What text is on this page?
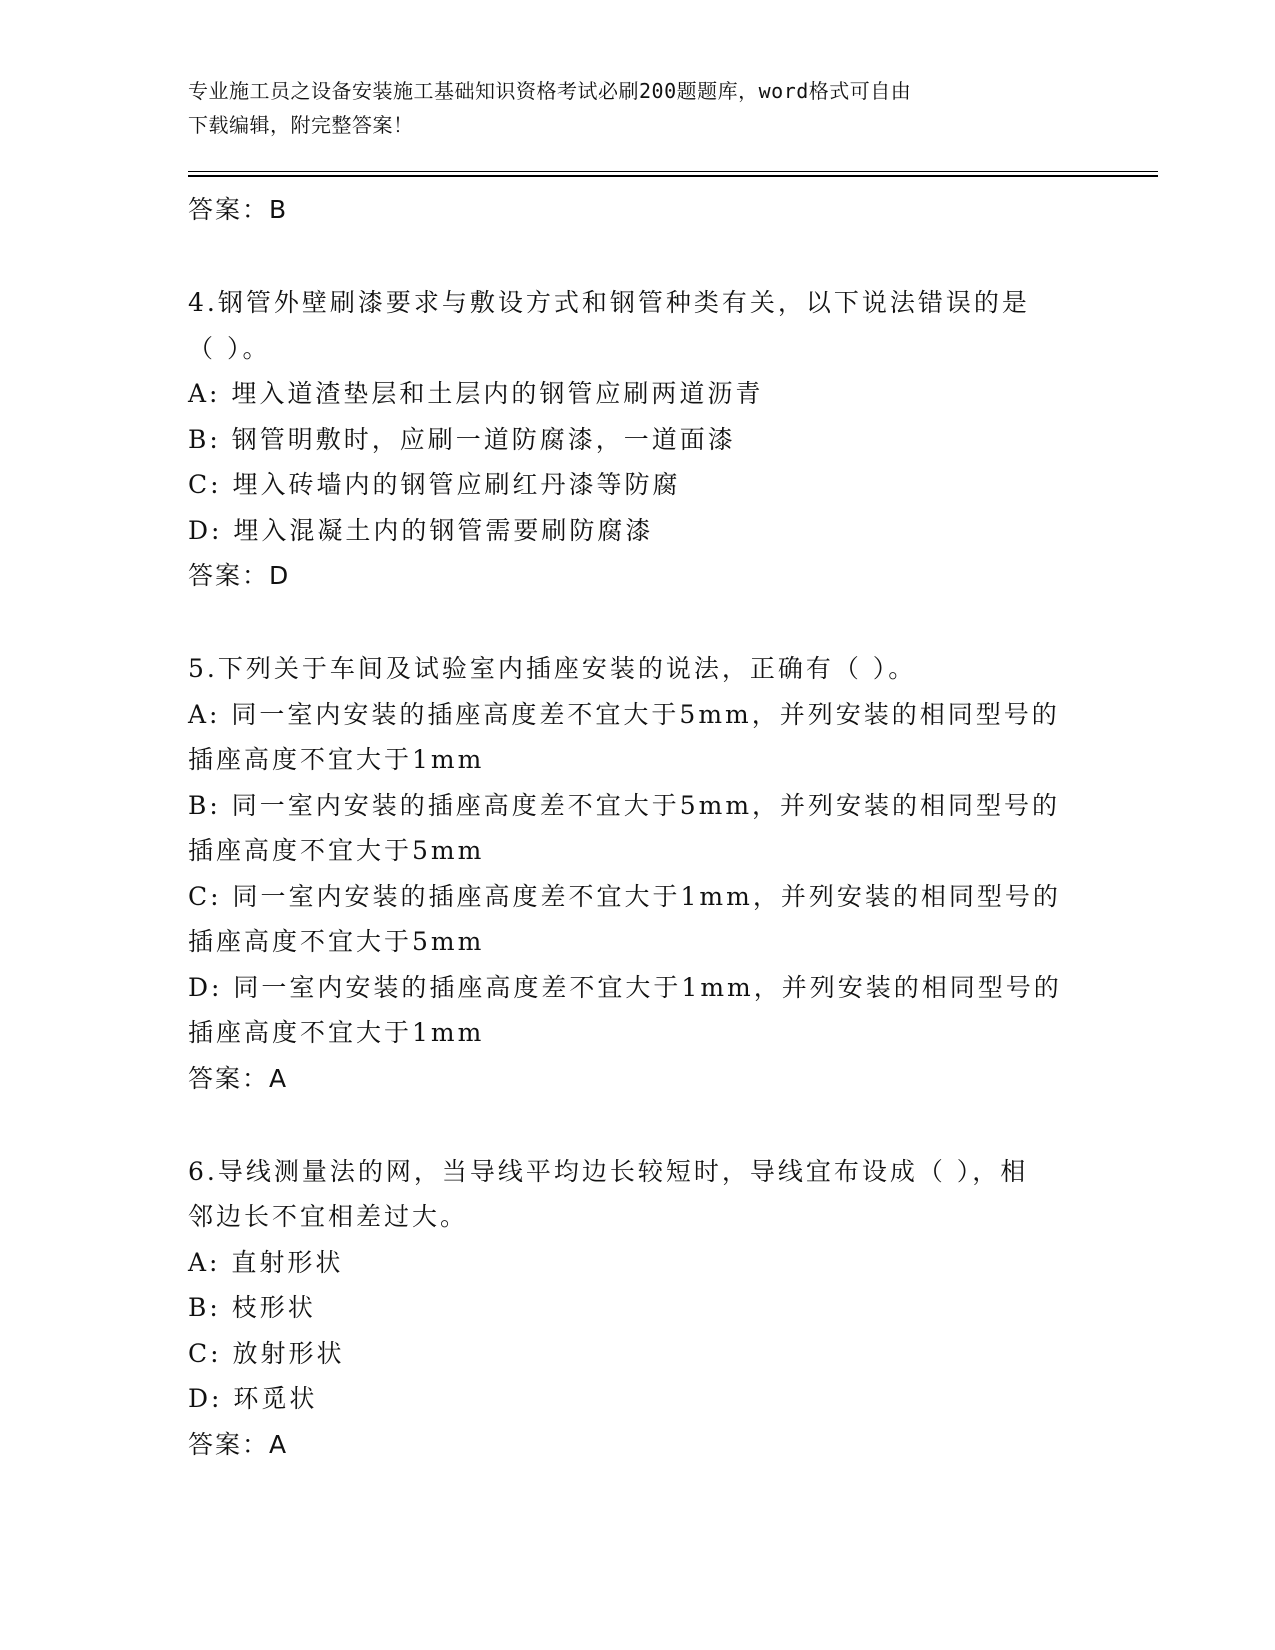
专业施工员之设备安装施工基础知识资格考试必刷200题题库，word格式可自由
下载编辑，附完整答案！
答案：B
4.钢管外壁刷漆要求与敷设方式和钢管种类有关，以下说法错误的是
（ ）。
A: 埋入道渣垫层和土层内的钢管应刷两道沥青
B: 钢管明敷时，应刷一道防腐漆，一道面漆
C: 埋入砖墙内的钢管应刷红丹漆等防腐
D: 埋入混凝土内的钢管需要刷防腐漆
答案：D
5.下列关于车间及试验室内插座安装的说法，正确有（ ）。
A: 同一室内安装的插座高度差不宜大于5mm，并列安装的相同型号的
插座高度不宜大于1mm
B: 同一室内安装的插座高度差不宜大于5mm，并列安装的相同型号的
插座高度不宜大于5mm
C: 同一室内安装的插座高度差不宜大于1mm，并列安装的相同型号的
插座高度不宜大于5mm
D: 同一室内安装的插座高度差不宜大于1mm，并列安装的相同型号的
插座高度不宜大于1mm
答案：A
6.导线测量法的网，当导线平均边长较短时，导线宜布设成（ ），相
邻边长不宜相差过大。
A: 直射形状
B: 枝形状
C: 放射形状
D: 环觅状
答案：A
